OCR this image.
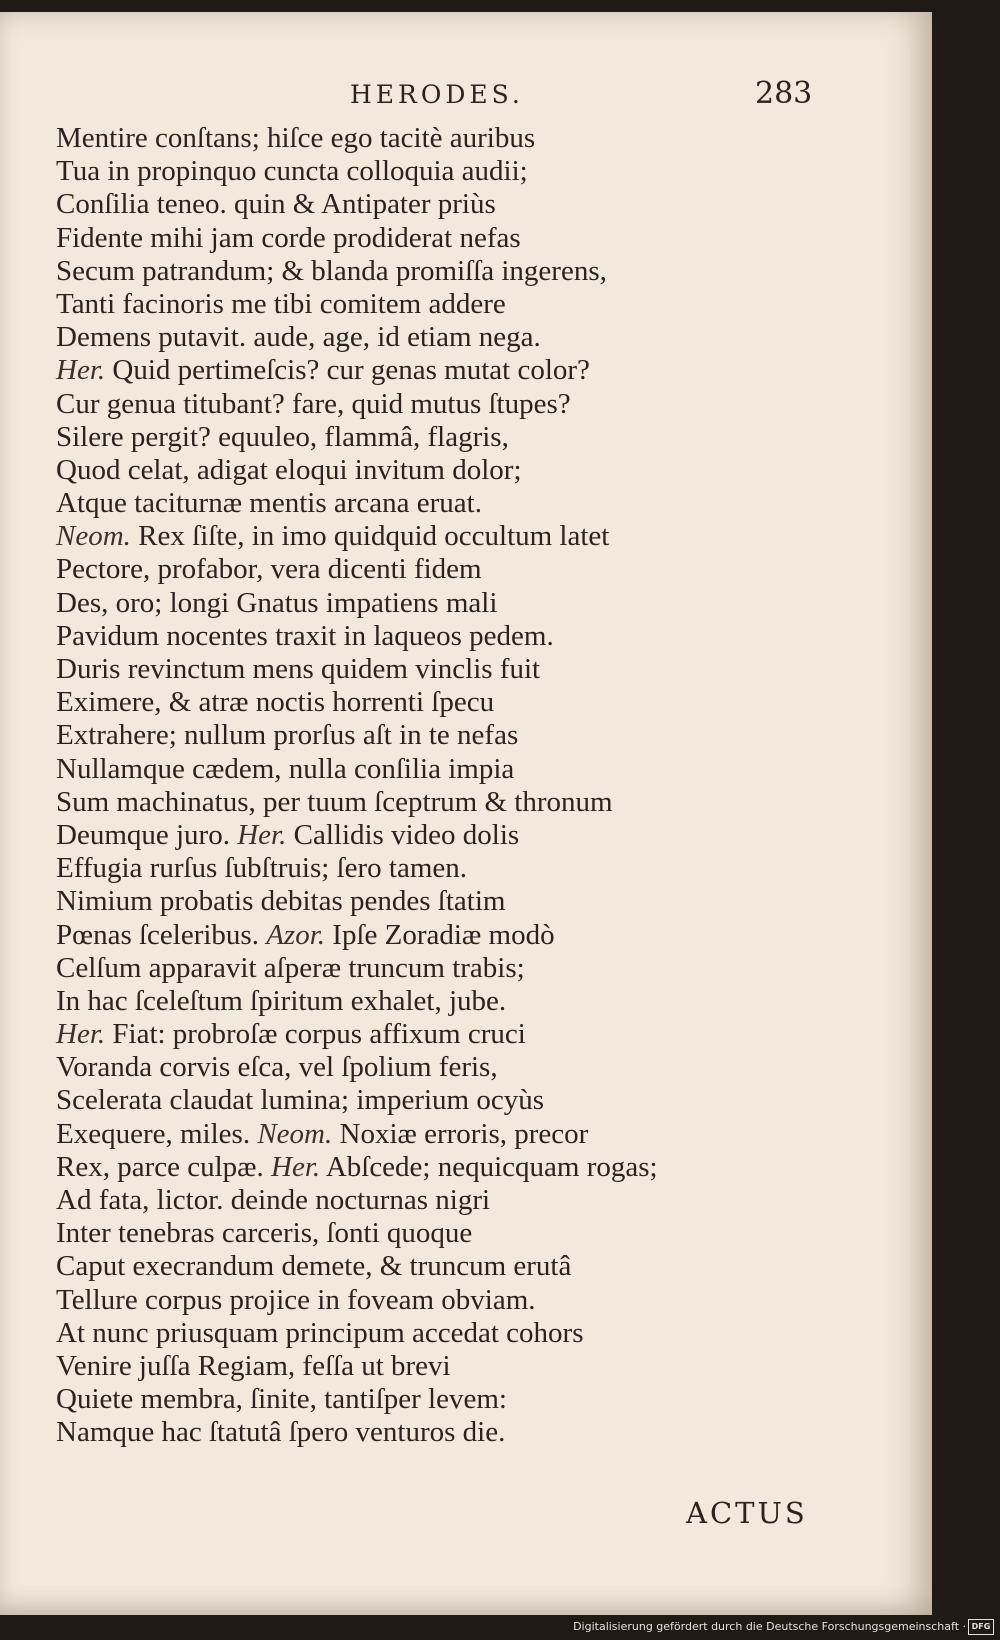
HERODES.	283
Mentire conſtans; hiſce ego tacitè auribus
Tua in propinquo cuncta colloquia audii;
Conſilia teneo. quin & Antipater priùs
Fidente mihi jam corde prodiderat nefas
Secum patrandum; & blanda promiſſa ingerens,
Tanti facinoris me tibi comitem addere
Demens putavit. aude, age, id etiam nega.
Her. Quid pertimeſcis? cur genas mutat color?
Cur genua titubant? fare, quid mutus ſtupes?
Silere pergit? equuleo, flammâ, flagris,
Quod celat, adigat eloqui invitum dolor;
Atque taciturnæ mentis arcana eruat.
Neom. Rex ſiſte, in imo quidquid occultum latet
Pectore, profabor, vera dicenti fidem
Des, oro; longi Gnatus impatiens mali
Pavidum nocentes traxit in laqueos pedem.
Duris revinctum mens quidem vinclis fuit
Eximere, & atræ noctis horrenti ſpecu
Extrahere; nullum prorſus aſt in te nefas
Nullamque cædem, nulla conſilia impia
Sum machinatus, per tuum ſceptrum & thronum
Deumque juro. Her. Callidis video dolis
Effugia rurſus ſubſtruis; ſero tamen.
Nimium probatis debitas pendes ſtatim
Pœnas ſceleribus. Azor. Ipſe Zoradiæ modò
Celſum apparavit aſperæ truncum trabis;
In hac ſceleſtum ſpiritum exhalet, jube.
Her. Fiat: probroſæ corpus affixum cruci
Voranda corvis eſca, vel ſpolium feris,
Scelerata claudat lumina; imperium ocyùs
Exequere, miles. Neom. Noxiæ erroris, precor
Rex, parce culpæ. Her. Abſcede; nequicquam rogas;
Ad fata, lictor. deinde nocturnas nigri
Inter tenebras carceris, ſonti quoque
Caput execrandum demete, & truncum erutâ
Tellure corpus projice in foveam obviam.
At nunc priusquam principum accedat cohors
Venire juſſa Regiam, feſſa ut brevi
Quiete membra, ſinite, tantiſper levem:
Namque hac ſtatutâ ſpero venturos die.
ACTUS
Digitalisierung gefördert durch die Deutsche Forschungsgemeinschaft · DFG
